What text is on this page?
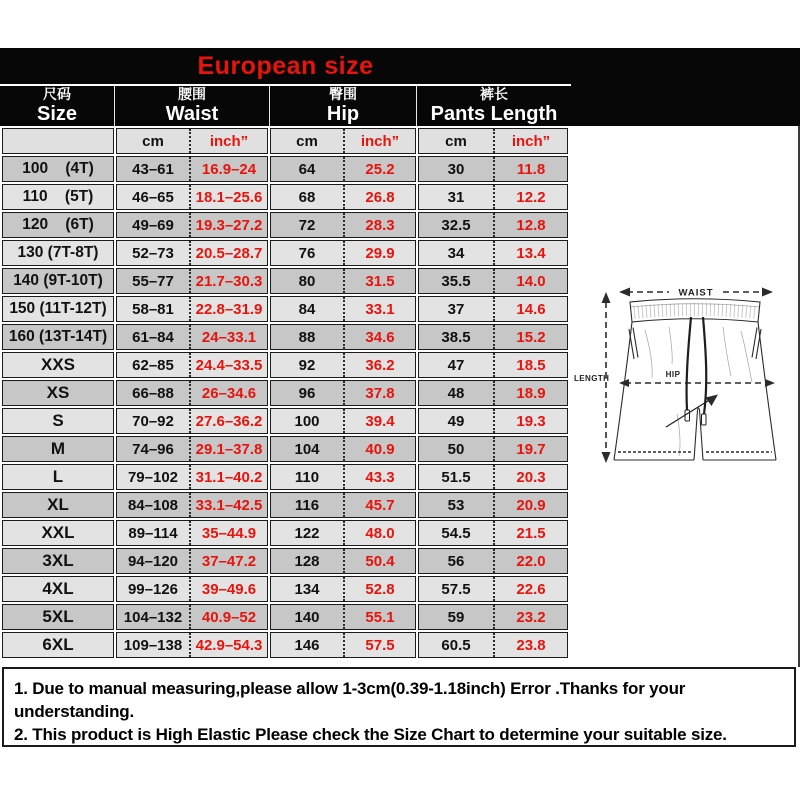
European size
尺码
Size
腰围
Waist
臀围
Hip
裤长
Pants Length

cm inch”	cm inch”	cm inch”

100    (4T)	43–61 16.9–24	64 25.2	30 11.8

110    (5T)	46–65 18.1–25.6	68 26.8	31 12.2

120    (6T)	49–69 19.3–27.2	72 28.3	32.5 12.8

130 (7T-8T)	52–73 20.5–28.7	76 29.9	34 13.4

140 (9T-10T)	55–77 21.7–30.3	80 31.5	35.5 14.0

150 (11T-12T)	58–81 22.8–31.9	84 33.1	37 14.6

160 (13T-14T)	61–84 24–33.1	88 34.6	38.5 15.2

XXS	62–85 24.4–33.5	92 36.2	47 18.5

XS	66–88 26–34.6	96 37.8	48 18.9

S	70–92 27.6–36.2	100 39.4	49 19.3

M	74–96 29.1–37.8	104 40.9	50 19.7

L	79–102 31.1–40.2	110 43.3	51.5 20.3

XL	84–108 33.1–42.5	116 45.7	53 20.9

XXL	89–114 35–44.9	122 48.0	54.5 21.5

3XL	94–120 37–47.2	128 50.4	56 22.0

4XL	99–126 39–49.6	134 52.8	57.5 22.6

5XL	104–132 40.9–52	140 55.1	59 23.2

6XL	109–138 42.9–54.3	146 57.5	60.5 23.8
WAIST
LENGTH	HIP
1. Due to manual measuring,please allow 1-3cm(0.39-1.18inch) Error .Thanks for your understanding.
2. This product is High Elastic Please check the Size Chart to determine your suitable size.
